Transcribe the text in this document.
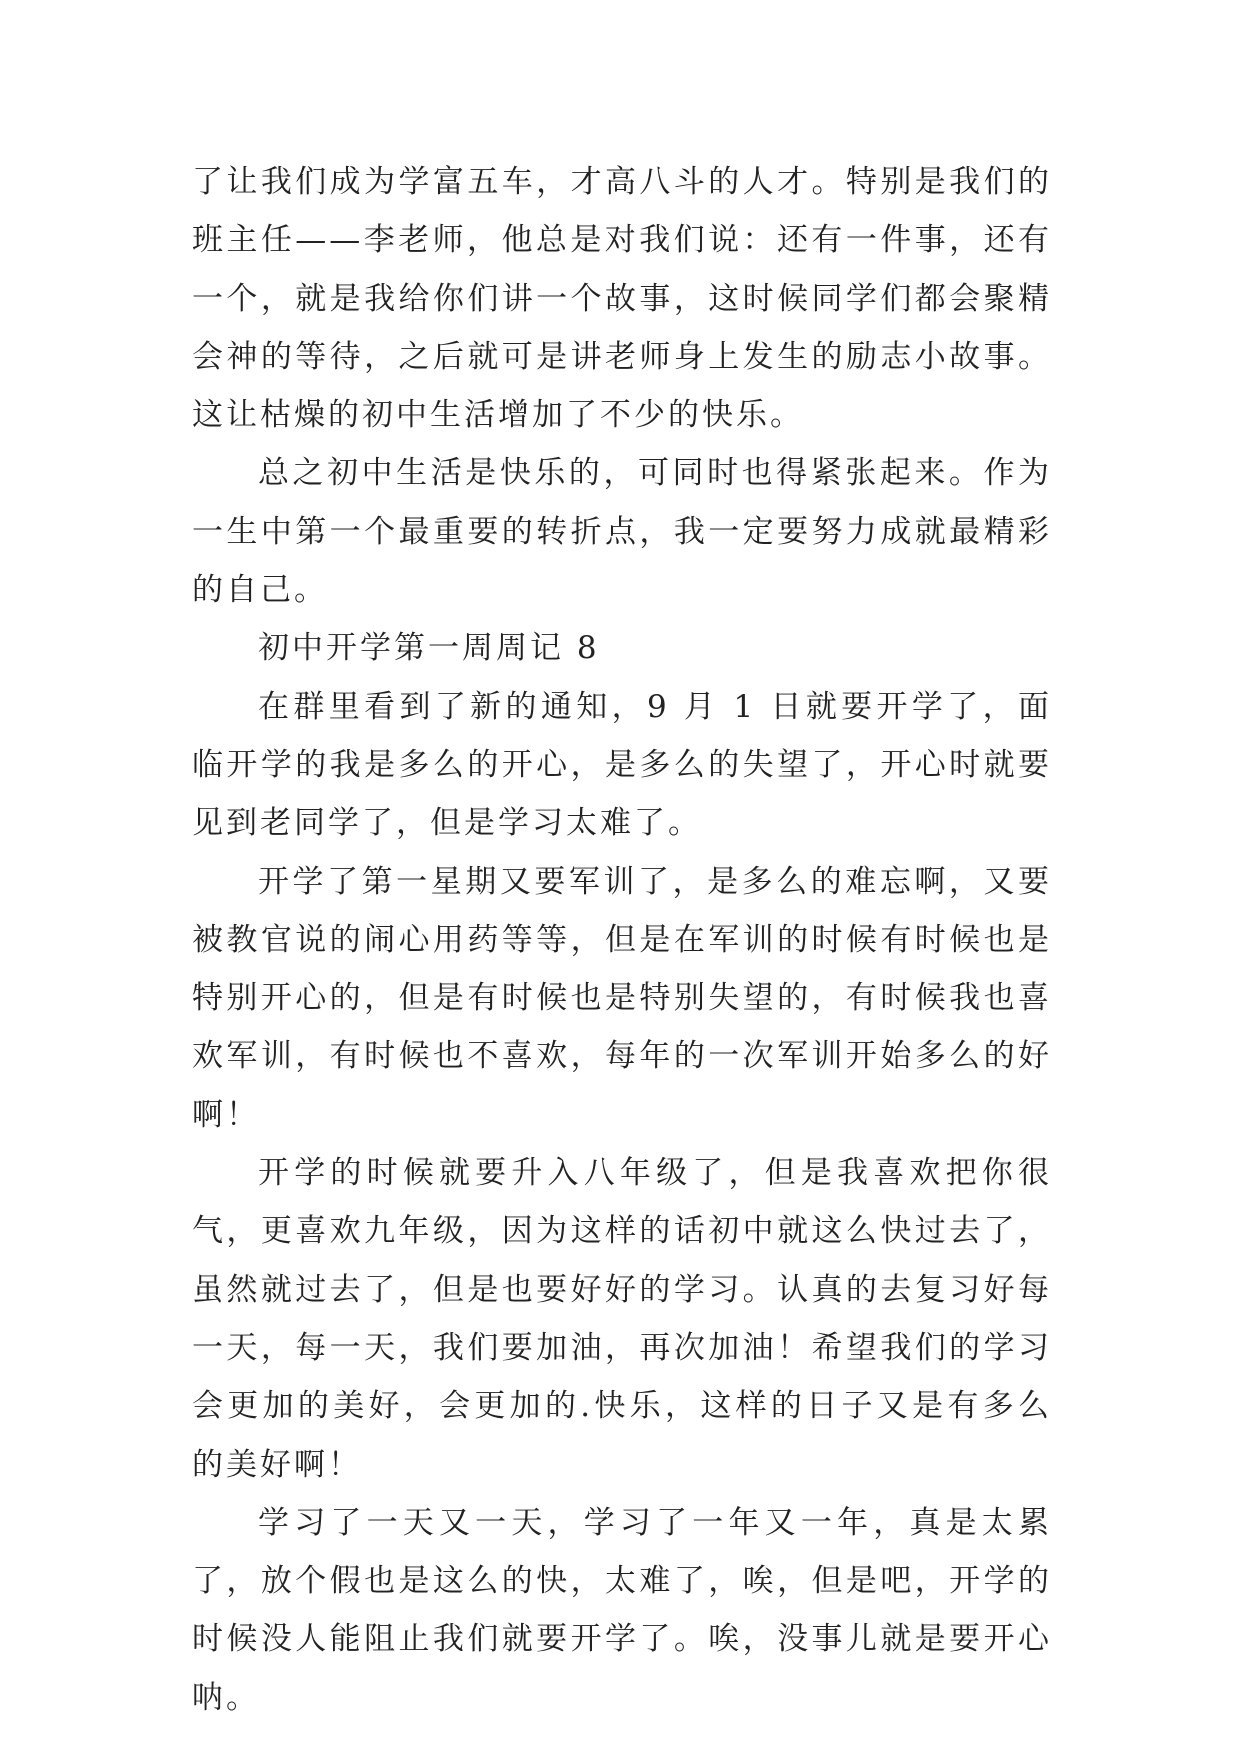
了让我们成为学富五车，才高八斗的人才。特别是我们的班主任——李老师，他总是对我们说：还有一件事，还有一个，就是我给你们讲一个故事，这时候同学们都会聚精会神的等待，之后就可是讲老师身上发生的励志小故事。这让枯燥的初中生活增加了不少的快乐。

总之初中生活是快乐的，可同时也得紧张起来。作为一生中第一个最重要的转折点，我一定要努力成就最精彩的自己。

初中开学第一周周记 8

在群里看到了新的通知，9 月 1 日就要开学了，面临开学的我是多么的开心，是多么的失望了，开心时就要见到老同学了，但是学习太难了。

开学了第一星期又要军训了，是多么的难忘啊，又要被教官说的闹心用药等等，但是在军训的时候有时候也是特别开心的，但是有时候也是特别失望的，有时候我也喜欢军训，有时候也不喜欢，每年的一次军训开始多么的好啊！

开学的时候就要升入八年级了，但是我喜欢把你很气，更喜欢九年级，因为这样的话初中就这么快过去了，虽然就过去了，但是也要好好的学习。认真的去复习好每一天，每一天，我们要加油，再次加油！希望我们的学习会更加的美好，会更加的.快乐，这样的日子又是有多么的美好啊！

学习了一天又一天，学习了一年又一年，真是太累了，放个假也是这么的快，太难了，唉，但是吧，开学的时候没人能阻止我们就要开学了。唉，没事儿就是要开心呐。
